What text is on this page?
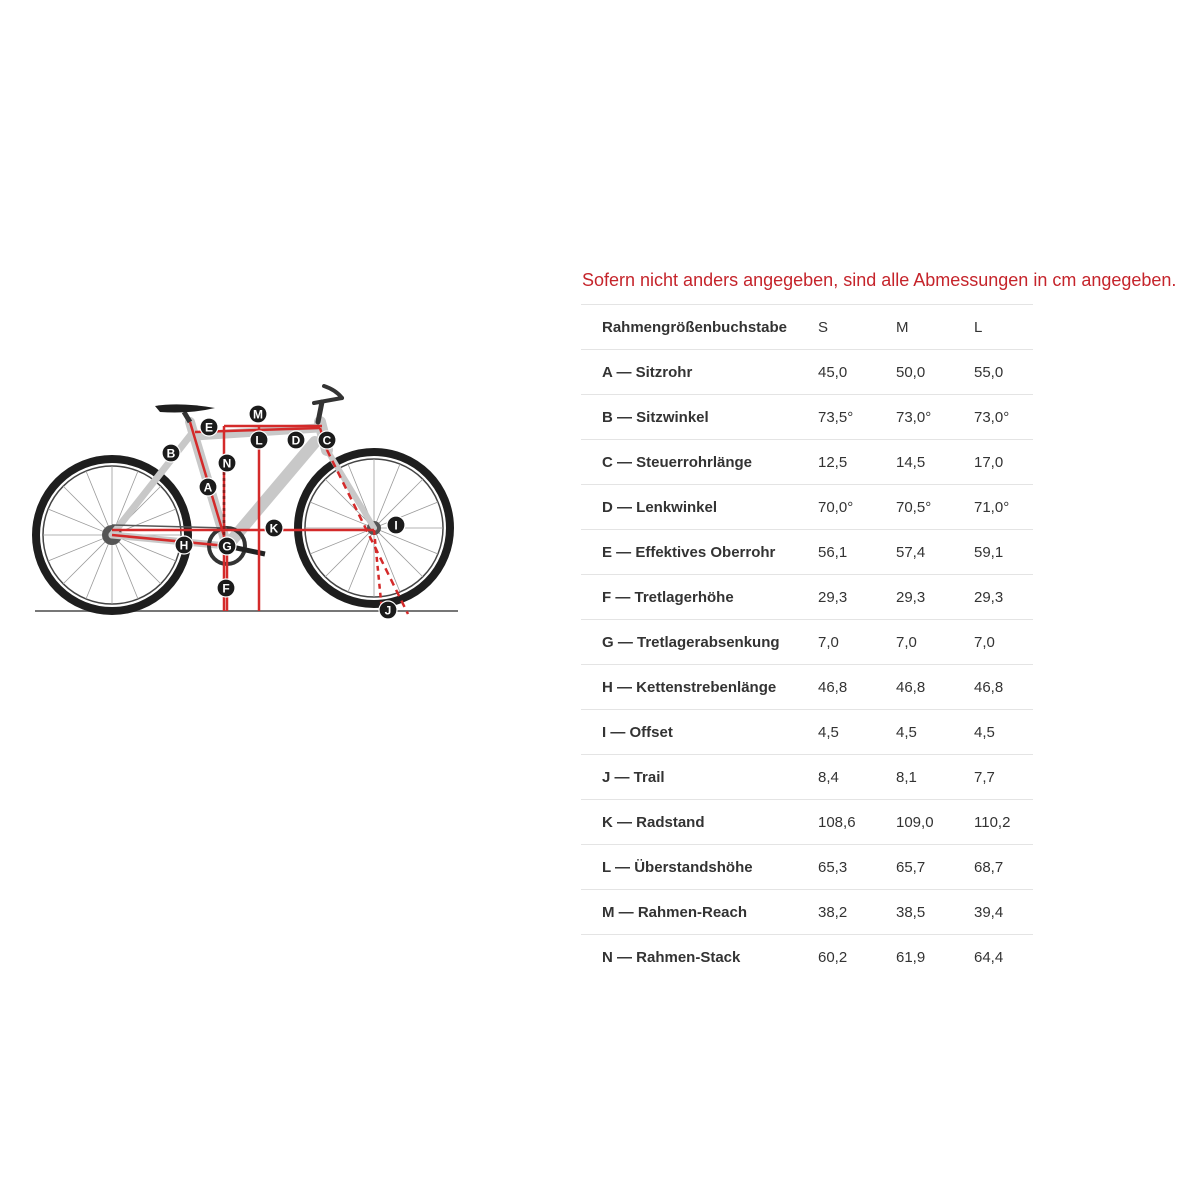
A
B
C
D
E
F
G
H
I
J
K
L
M
N
Sofern nicht anders angegeben, sind alle Abmessungen in cm angegeben.
Rahmengrößenbuchstabe	S	M	L
A — Sitzrohr	45,0	50,0	55,0
B — Sitzwinkel	73,5°	73,0°	73,0°
C — Steuerrohrlänge	12,5	14,5	17,0
D — Lenkwinkel	70,0°	70,5°	71,0°
E — Effektives Oberrohr	56,1	57,4	59,1
F — Tretlagerhöhe	29,3	29,3	29,3
G — Tretlagerabsenkung	7,0	7,0	7,0
H — Kettenstrebenlänge	46,8	46,8	46,8
I — Offset	4,5	4,5	4,5
J — Trail	8,4	8,1	7,7
K — Radstand	108,6	109,0	110,2
L — Überstandshöhe	65,3	65,7	68,7
M — Rahmen-Reach	38,2	38,5	39,4
N — Rahmen-Stack	60,2	61,9	64,4
